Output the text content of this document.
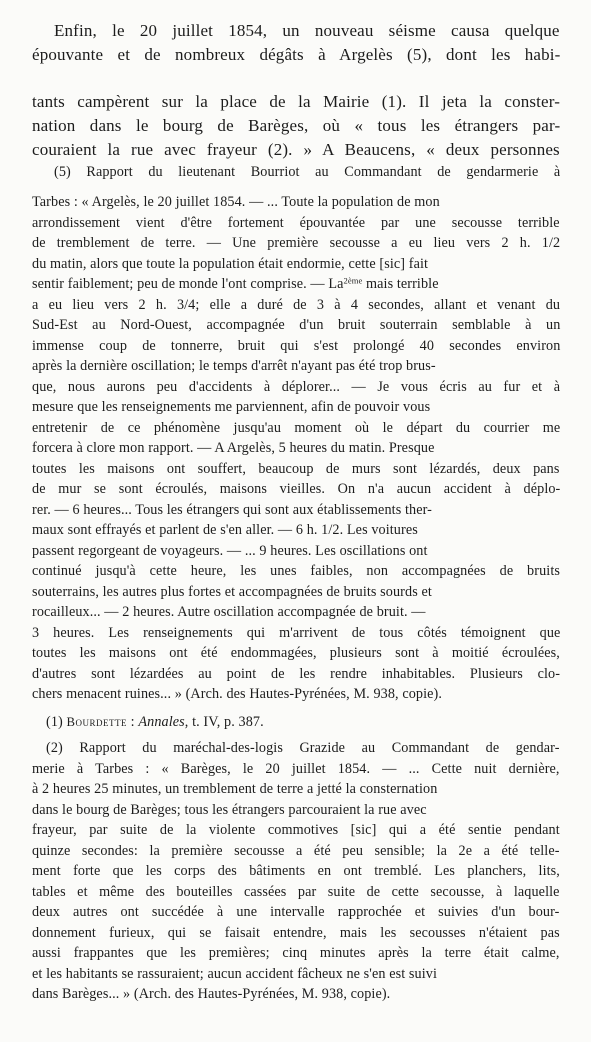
Enfin, le 20 juillet 1854, un nouveau séisme causa quelque
épouvante et de nombreux dégâts à Argelès (5), dont les habi-
tants campèrent sur la place de la Mairie (1). Il jeta la conster-
nation dans le bourg de Barèges, où « tous les étrangers par-
couraient la rue avec frayeur (2). » A Beaucens, « deux personnes
(5) Rapport du lieutenant Bourriot au Commandant de gendarmerie à
Tarbes : « Argelès, le 20 juillet 1854. — ... Toute la population de mon
arrondissement vient d'être fortement épouvantée par une secousse terrible
de tremblement de terre. — Une première secousse a eu lieu vers 2 h. 1/2
du matin, alors que toute la population était endormie, cette [sic] fait
sentir faiblement; peu de monde l'ont comprise. — $La^{2ème}$ mais terrible
a eu lieu vers 2 h. 3/4; elle a duré de 3 à 4 secondes, allant et venant du
Sud-Est au Nord-Ouest, accompagnée d'un bruit souterrain semblable à un
immense coup de tonnerre, bruit qui s'est prolongé 40 secondes environ
après la dernière oscillation; le temps d'arrêt n'ayant pas été trop brus-
que, nous aurons peu d'accidents à déplorer... — Je vous écris au fur et à
mesure que les renseignements me parviennent, afin de pouvoir vous
entretenir de ce phénomène jusqu'au moment où le départ du courrier me
forcera à clore mon rapport. — A Argelès, 5 heures du matin. Presque
toutes les maisons ont souffert, beaucoup de murs sont lézardés, deux pans
de mur se sont écroulés, maisons vieilles. On n'a aucun accident à déplo-
rer. — 6 heures... Tous les étrangers qui sont aux établissements ther-
maux sont effrayés et parlent de s'en aller. — 6 h. 1/2. Les voitures
passent regorgeant de voyageurs. — ... 9 heures. Les oscillations ont
continué jusqu'à cette heure, les unes faibles, non accompagnées de bruits
souterrains, les autres plus fortes et accompagnées de bruits sourds et
rocailleux... — 2 heures. Autre oscillation accompagnée de bruit. —
3 heures. Les renseignements qui m'arrivent de tous côtés témoignent que
toutes les maisons ont été endommagées, plusieurs sont à moitié écroulées,
d'autres sont lézardées au point de les rendre inhabitables. Plusieurs clo-
chers menacent ruines... » (Arch. des Hautes-Pyrénées, M. 938, copie).
(1) Bourdette : Annales, t. IV, p. 387.
(2) Rapport du maréchal-des-logis Grazide au Commandant de gendar-
merie à Tarbes : « Barèges, le 20 juillet 1854. — ... Cette nuit dernière,
à 2 heures 25 minutes, un tremblement de terre a jetté la consternation
dans le bourg de Barèges; tous les étrangers parcouraient la rue avec
frayeur, par suite de la violente commotives [sic] qui a été sentie pendant
quinze secondes: la première secousse a été peu sensible; la 2e a été telle-
ment forte que les corps des bâtiments en ont tremblé. Les planchers, lits,
tables et même des bouteilles cassées par suite de cette secousse, à laquelle
deux autres ont succédée à une intervalle rapprochée et suivies d'un bour-
donnement furieux, qui se faisait entendre, mais les secousses n'étaient pas
aussi frappantes que les premières; cinq minutes après la terre était calme,
et les habitants se rassuraient; aucun accident fâcheux ne s'en est suivi
dans Barèges... » (Arch. des Hautes-Pyrénées, M. 938, copie).
